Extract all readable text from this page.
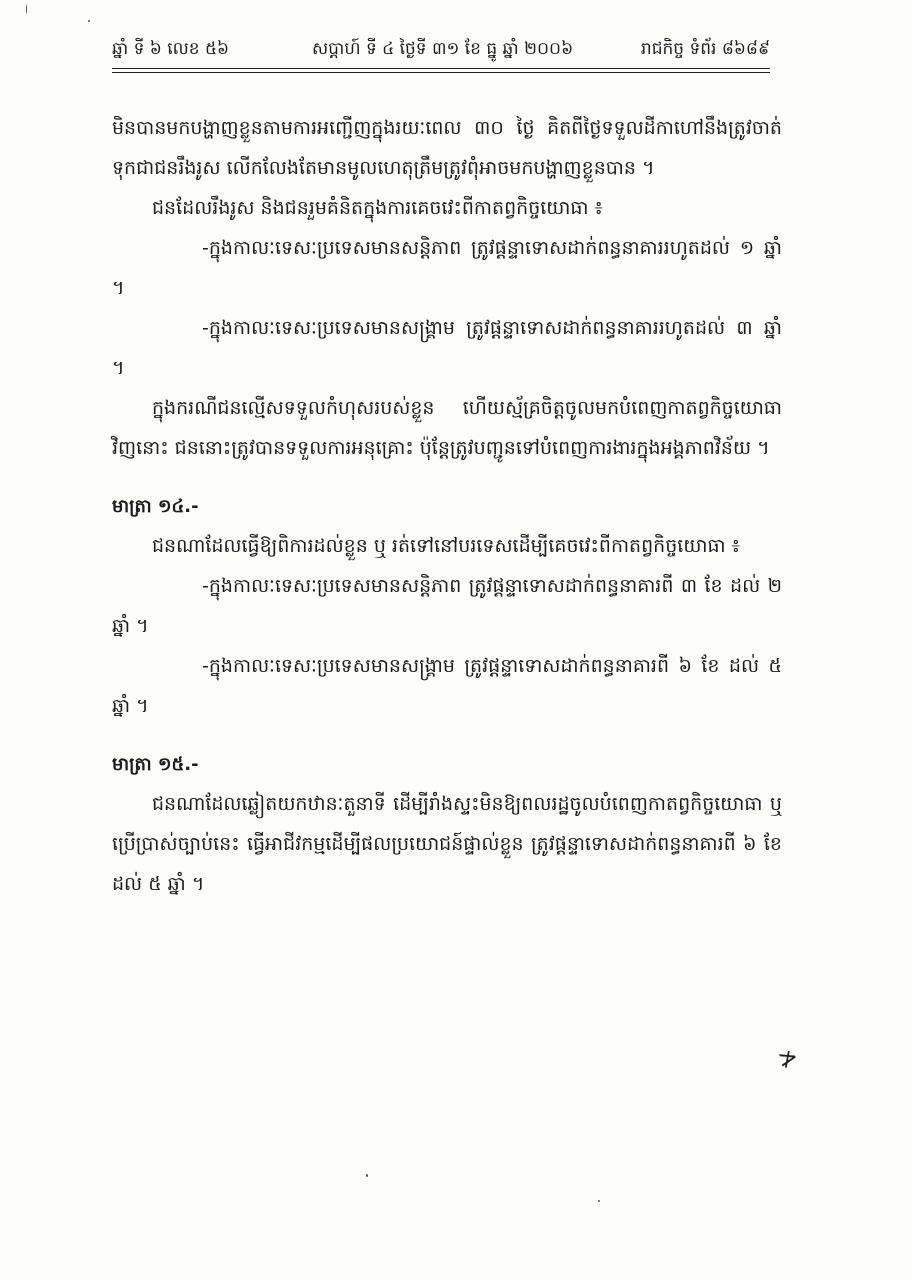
ឆ្នាំ ទី ៦ លេខ ៥៦	សប្តាហ៍ ទី ៤ ថ្ងៃទី ៣១ ខែ ធ្នូ ឆ្នាំ ២០០៦	រាជកិច្ច ទំព័រ ៨៦៨៩

មិនបានមកបង្ហាញខ្លួនតាមការអញ្ជើញក្នុងរយៈពេល ៣០ ថ្ងៃ គិតពីថ្ងៃទទួលដីកាហៅនឹងត្រូវចាត់ទុកជាជនរឹងរូស លើកលែងតែមានមូលហេតុត្រឹមត្រូវពុំអាចមកបង្ហាញខ្លួនបាន ។

ជនដែលរឹងរូស និងជនរួមគំនិតក្នុងការគេចវេះពីកាតព្វកិច្ចយោធា ៖

-ក្នុងកាលៈទេសៈប្រទេសមានសន្តិភាព ត្រូវផ្តន្ទាទោសដាក់ពន្ធនាគាររហូតដល់ ១ ឆ្នាំ ។

-ក្នុងកាលៈទេសៈប្រទេសមានសង្គ្រាម ត្រូវផ្តន្ទាទោសដាក់ពន្ធនាគាររហូតដល់ ៣ ឆ្នាំ ។

ក្នុងករណីជនល្មើសទទួលកំហុសរបស់ខ្លួន ហើយស្ម័គ្រចិត្តចូលមកបំពេញកាតព្វកិច្ចយោធាវិញនោះ ជននោះត្រូវបានទទួលការអនុគ្រោះ ប៉ុន្តែត្រូវបញ្ជូនទៅបំពេញការងារក្នុងអង្គភាពវិន័យ ។

មាត្រា ១៤.-

ជនណាដែលធ្វើឱ្យពិការដល់ខ្លួន ឬ រត់ទៅនៅបរទេសដើម្បីគេចវេះពីកាតព្វកិច្ចយោធា ៖

-ក្នុងកាលៈទេសៈប្រទេសមានសន្តិភាព ត្រូវផ្តន្ទាទោសដាក់ពន្ធនាគារពី ៣ ខែ ដល់ ២ ឆ្នាំ ។

-ក្នុងកាលៈទេសៈប្រទេសមានសង្គ្រាម ត្រូវផ្តន្ទាទោសដាក់ពន្ធនាគារពី ៦ ខែ ដល់ ៥ ឆ្នាំ ។

មាត្រា ១៥.-

ជនណាដែលឆ្លៀតយកឋានៈតួនាទី ដើម្បីរាំងស្ទះមិនឱ្យពលរដ្ឋចូលបំពេញកាតព្វកិច្ចយោធា ឬប្រើប្រាស់ច្បាប់នេះ ធ្វើអាជីវកម្មដើម្បីផលប្រយោជន៍ផ្ទាល់ខ្លួន ត្រូវផ្តន្ទាទោសដាក់ពន្ធនាគារពី ៦ ខែ ដល់ ៥ ឆ្នាំ ។

≯
